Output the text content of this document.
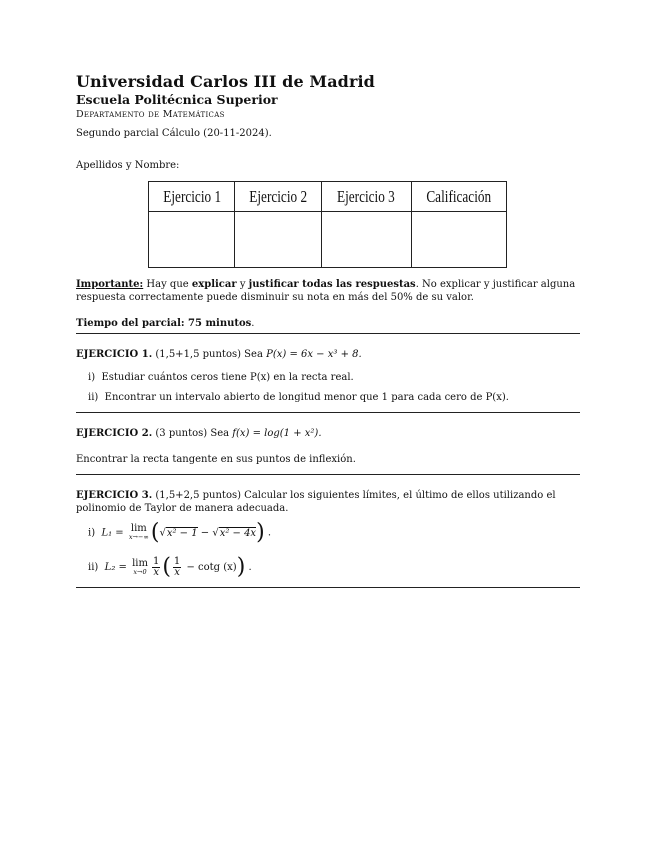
Universidad Carlos III de Madrid
Escuela Politécnica Superior
Departamento de Matemáticas
Segundo parcial Cálculo (20-11-2024).
Apellidos y Nombre:
Ejercicio 1	Ejercicio 2	Ejercicio 3	Calificación

Importante: Hay que explicar y justificar todas las respuestas. No explicar y justificar alguna respuesta correctamente puede disminuir su nota en más del 50% de su valor.
Tiempo del parcial: 75 minutos.
EJERCICIO 1. (1,5+1,5 puntos) Sea P(x) = 6x − x³ + 8.
i) Estudiar cuántos ceros tiene P(x) en la recta real.
ii) Encontrar un intervalo abierto de longitud menor que 1 para cada cero de P(x).
EJERCICIO 2. (3 puntos) Sea f(x) = log(1 + x²).
Encontrar la recta tangente en sus puntos de inflexión.
EJERCICIO 3. (1,5+2,5 puntos) Calcular los siguientes límites, el último de ellos utilizando el polinomio de Taylor de manera adecuada.
i) L₁ = lim
x→−∞ (√x² − 1 − √x² − 4x) .
ii) L₂ = lim
$x\to 0 \frac{1}{x}$ ( $\frac{1}{x} - \cot g$ (x)) .
